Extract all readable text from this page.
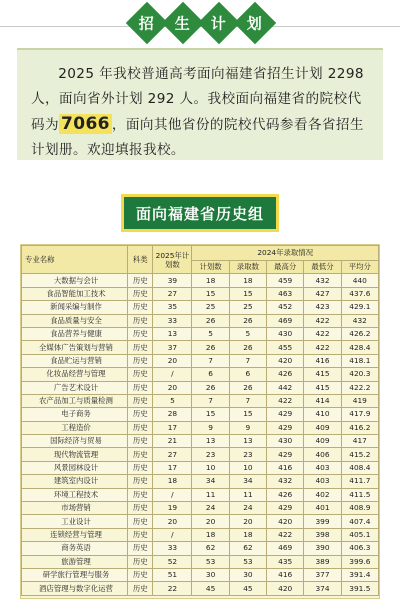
招 生 计 划

2025 年我校普通高考面向福建省招生计划 2298 人，面向省外计划 292 人。我校面向福建省的院校代码为 7066 ，面向其他省份的院校代码参看各省招生计划册。欢迎填报我校。

面向福建省历史组
专业名称	科类	2025年计划数	2024年录取情况				
			计划数	录取数	最高分	最低分	平均分
大数据与会计	历史	39	18	18	459	432	440
食品智能加工技术	历史	27	15	15	463	427	437.6
新闻采编与制作	历史	35	25	25	452	423	429.1
食品质量与安全	历史	33	26	26	469	422	432
食品营养与健康	历史	13	5	5	430	422	426.2
全媒体广告策划与营销	历史	37	26	26	455	422	428.4
食品贮运与营销	历史	20	7	7	420	416	418.1
化妆品经营与管理	历史	/	6	6	426	415	420.3
广告艺术设计	历史	20	26	26	442	415	422.2
农产品加工与质量检测	历史	5	7	7	422	414	419
电子商务	历史	28	15	15	429	410	417.9
工程造价	历史	17	9	9	429	409	416.2
国际经济与贸易	历史	21	13	13	430	409	417
现代物流管理	历史	27	23	23	429	406	415.2
风景园林设计	历史	17	10	10	416	403	408.4
建筑室内设计	历史	18	34	34	432	403	411.7
环境工程技术	历史	/	11	11	426	402	411.5
市场营销	历史	19	24	24	429	401	408.9
工业设计	历史	20	20	20	420	399	407.4
连锁经营与管理	历史	/	18	18	422	398	405.1
商务英语	历史	33	62	62	469	390	406.3
旅游管理	历史	52	53	53	435	389	399.6
研学旅行管理与服务	历史	51	30	30	416	377	391.4
酒店管理与数字化运营	历史	22	45	45	420	374	391.5
